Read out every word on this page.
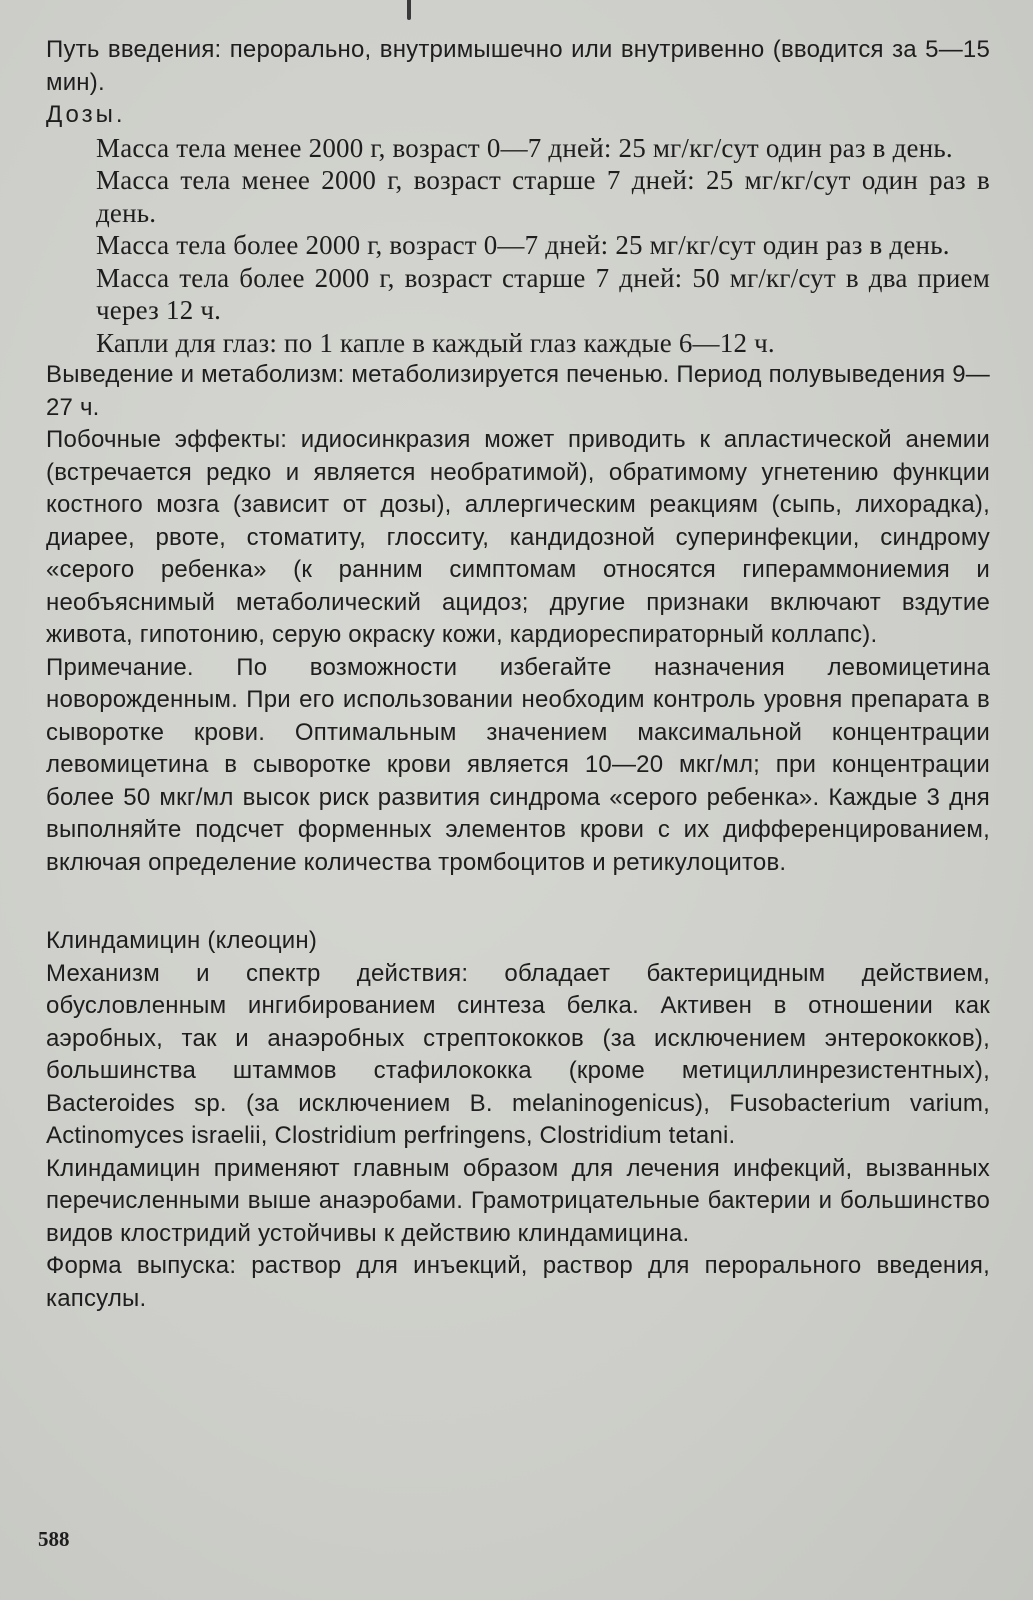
Путь введения: перорально, внутримышечно или внутривенно (вводится за 5—15 мин).

Дозы.

Масса тела менее 2000 г, возраст 0—7 дней: 25 мг/кг/сут один раз в день.

Масса тела менее 2000 г, возраст старше 7 дней: 25 мг/кг/сут один раз в день.

Масса тела более 2000 г, возраст 0—7 дней: 25 мг/кг/сут один раз в день.

Масса тела более 2000 г, возраст старше 7 дней: 50 мг/кг/сут в два прием через 12 ч.

Капли для глаз: по 1 капле в каждый глаз каждые 6—12 ч.

Выведение и метаболизм: метаболизируется печенью. Период полувыведения 9—27 ч.

Побочные эффекты: идиосинкразия может приводить к апластической анемии (встречается редко и является необратимой), обратимому угнетению функции костного мозга (зависит от дозы), аллергическим реакциям (сыпь, лихорадка), диарее, рвоте, стоматиту, глосситу, кандидозной суперинфекции, синдрому «серого ребенка» (к ранним симптомам относятся гипераммониемия и необъяснимый метаболический ацидоз; другие признаки включают вздутие живота, гипотонию, серую окраску кожи, кардиореспираторный коллапс).

Примечание. По возможности избегайте назначения левомицетина новорожденным. При его использовании необходим контроль уровня препарата в сыворотке крови. Оптимальным значением максимальной концентрации левомицетина в сыворотке крови является 10—20 мкг/мл; при концентрации более 50 мкг/мл высок риск развития синдрома «серого ребенка». Каждые 3 дня выполняйте подсчет форменных элементов крови с их дифференцированием, включая определение количества тромбоцитов и ретикулоцитов.

Клиндамицин (клеоцин)

Механизм и спектр действия: обладает бактерицидным действием, обусловленным ингибированием синтеза белка. Активен в отношении как аэробных, так и анаэробных стрептококков (за исключением энтерококков), большинства штаммов стафилококка (кроме метициллинрезистентных), Bacteroides sp. (за исключением B. melaninogenicus), Fusobacterium varium, Actinomyces israelii, Clostridium perfringens, Clostridium tetani.

Клиндамицин применяют главным образом для лечения инфекций, вызванных перечисленными выше анаэробами. Грамотрицательные бактерии и большинство видов клостридий устойчивы к действию клиндамицина.

Форма выпуска: раствор для инъекций, раствор для перорального введения, капсулы.

588
